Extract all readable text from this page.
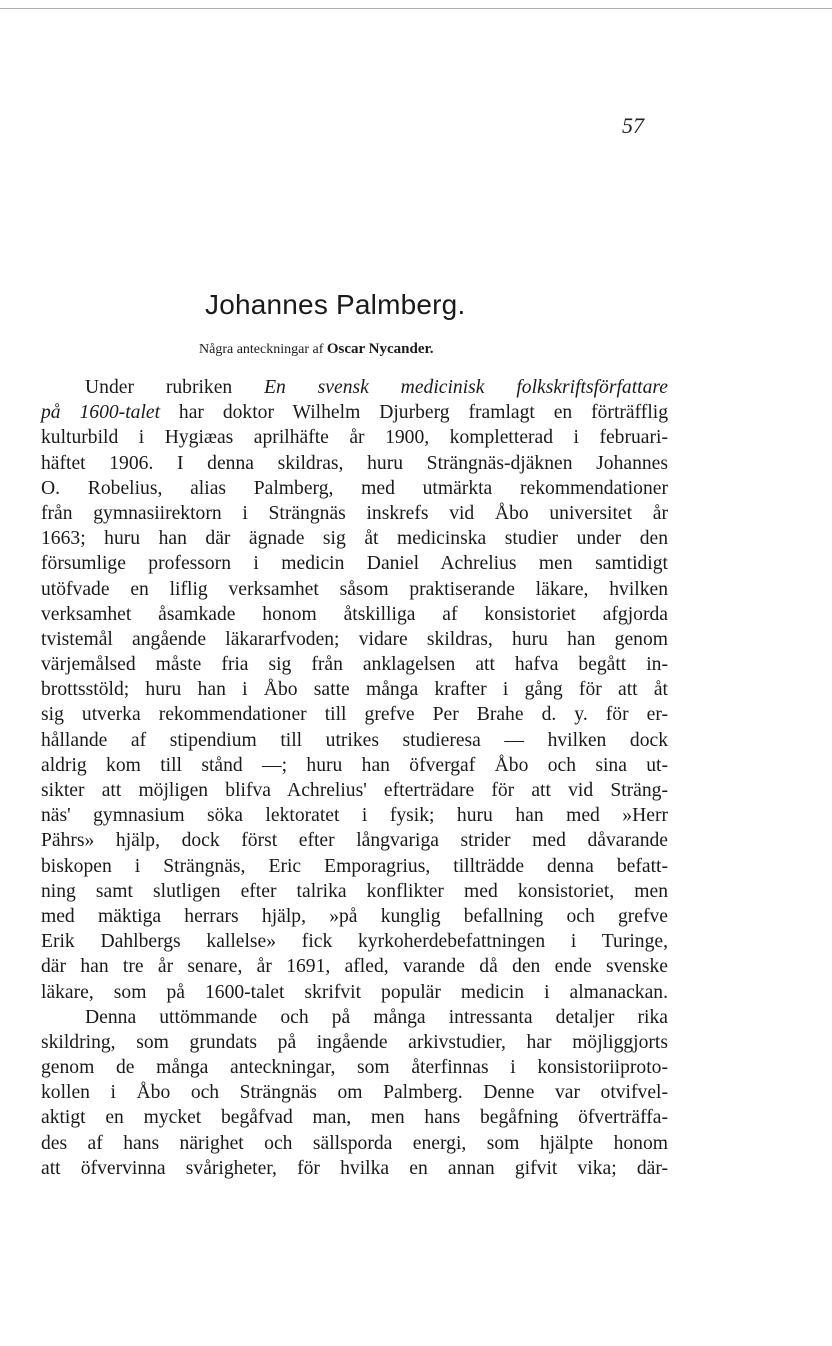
57
Johannes Palmberg.
Några anteckningar af Oscar Nycander.
Under rubriken En svensk medicinisk folkskriftsförfattare
på 1600-talet har doktor Wilhelm Djurberg framlagt en förträfflig
kulturbild i Hygiæas aprilhäfte år 1900, kompletterad i februari-
häftet 1906. I denna skildras, huru Strängnäs-djäknen Johannes
O. Robelius, alias Palmberg, med utmärkta rekommendationer
från gymnasiirektorn i Strängnäs inskrefs vid Åbo universitet år
1663; huru han där ägnade sig åt medicinska studier under den
försumlige professorn i medicin Daniel Achrelius men samtidigt
utöfvade en liflig verksamhet såsom praktiserande läkare, hvilken
verksamhet åsamkade honom åtskilliga af konsistoriet afgjorda
tvistemål angående läkararfvoden; vidare skildras, huru han genom
värjemålsed måste fria sig från anklagelsen att hafva begått in-
brottsstöld; huru han i Åbo satte många krafter i gång för att åt
sig utverka rekommendationer till grefve Per Brahe d. y. för er-
hållande af stipendium till utrikes studieresa — hvilken dock
aldrig kom till stånd —; huru han öfvergaf Åbo och sina ut-
sikter att möjligen blifva Achrelius' efterträdare för att vid Sträng-
näs' gymnasium söka lektoratet i fysik; huru han med »Herr
Pährs» hjälp, dock först efter långvariga strider med dåvarande
biskopen i Strängnäs, Eric Emporagrius, tillträdde denna befatt-
ning samt slutligen efter talrika konflikter med konsistoriet, men
med mäktiga herrars hjälp, »på kunglig befallning och grefve
Erik Dahlbergs kallelse» fick kyrkoherdebefattningen i Turinge,
där han tre år senare, år 1691, afled, varande då den ende svenske
läkare, som på 1600-talet skrifvit populär medicin i almanackan.
Denna uttömmande och på många intressanta detaljer rika
skildring, som grundats på ingående arkivstudier, har möjliggjorts
genom de många anteckningar, som återfinnas i konsistoriiproto-
kollen i Åbo och Strängnäs om Palmberg. Denne var otvifvel-
aktigt en mycket begåfvad man, men hans begåfning öfverträffa-
des af hans närighet och sällsporda energi, som hjälpte honom
att öfvervinna svårigheter, för hvilka en annan gifvit vika; där-
